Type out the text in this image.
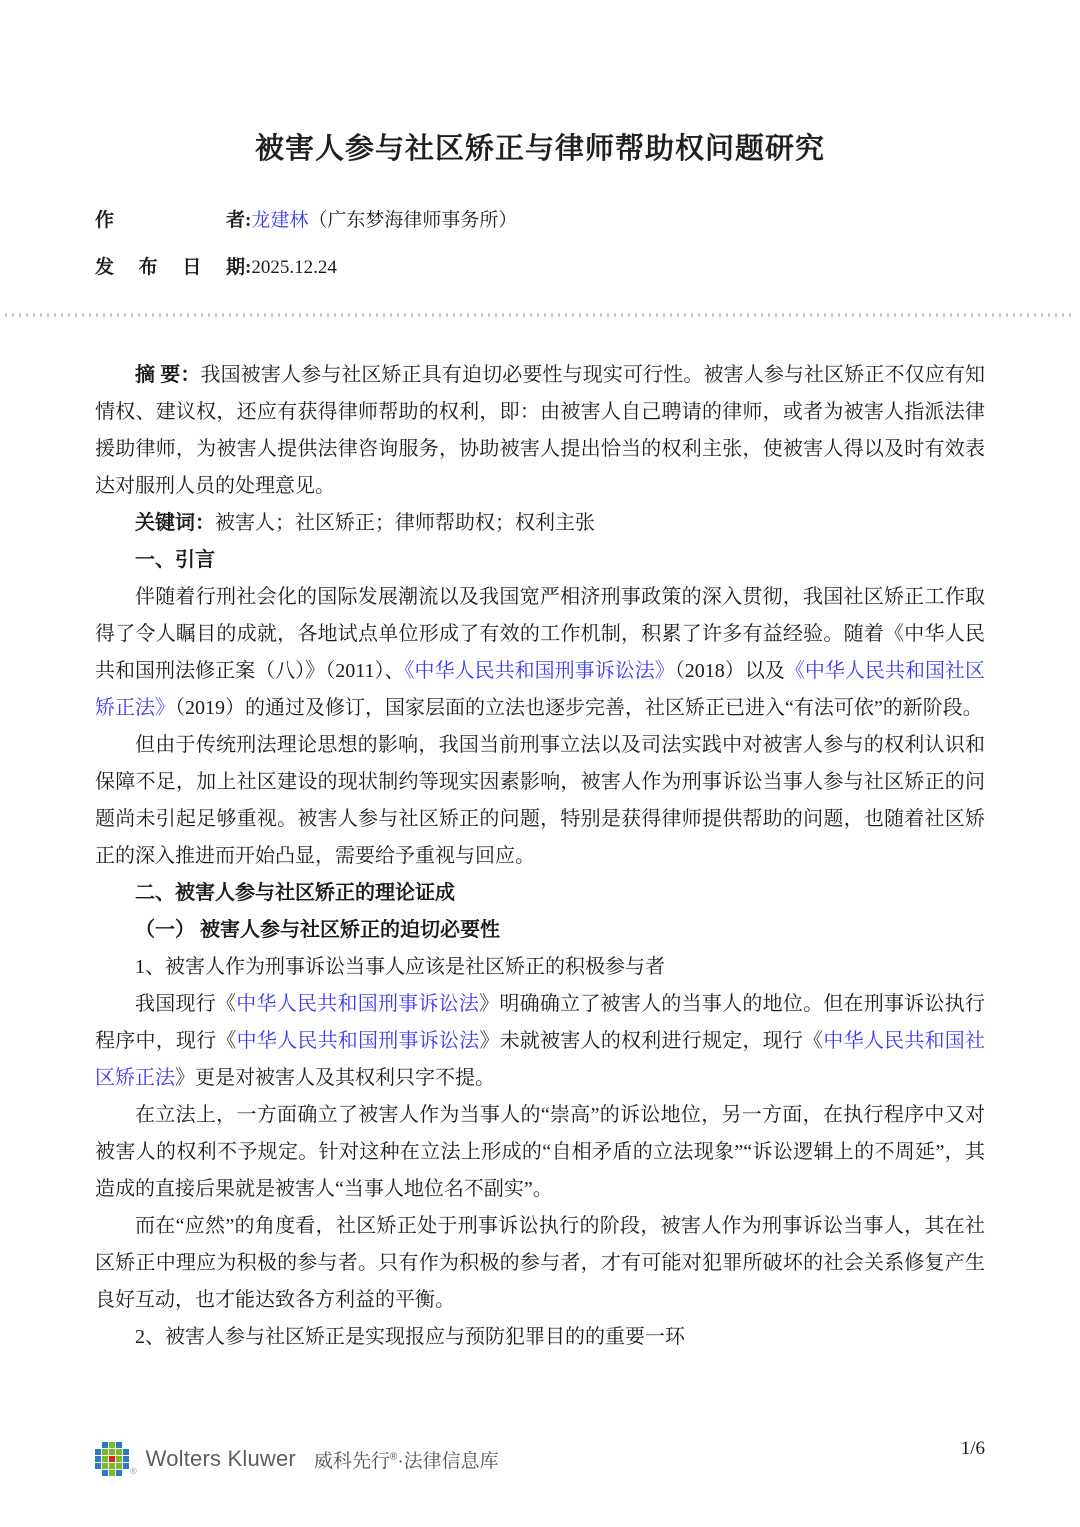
被害人参与社区矫正与律师帮助权问题研究
作者:龙建林（广东梦海律师事务所）
发布日期:2025.12.24
摘 要：我国被害人参与社区矫正具有迫切必要性与现实可行性。被害人参与社区矫正不仅应有知情权、建议权，还应有获得律师帮助的权利，即：由被害人自己聘请的律师，或者为被害人指派法律援助律师，为被害人提供法律咨询服务，协助被害人提出恰当的权利主张，使被害人得以及时有效表达对服刑人员的处理意见。
关键词：被害人；社区矫正；律师帮助权；权利主张
一、引言
伴随着行刑社会化的国际发展潮流以及我国宽严相济刑事政策的深入贯彻，我国社区矫正工作取得了令人瞩目的成就，各地试点单位形成了有效的工作机制，积累了许多有益经验。随着《中华人民共和国刑法修正案（八）》（2011）、《中华人民共和国刑事诉讼法》（2018）以及《中华人民共和国社区矫正法》（2019）的通过及修订，国家层面的立法也逐步完善，社区矫正已进入“有法可依”的新阶段。
但由于传统刑法理论思想的影响，我国当前刑事立法以及司法实践中对被害人参与的权利认识和保障不足，加上社区建设的现状制约等现实因素影响，被害人作为刑事诉讼当事人参与社区矫正的问题尚未引起足够重视。被害人参与社区矫正的问题，特别是获得律师提供帮助的问题，也随着社区矫正的深入推进而开始凸显，需要给予重视与回应。
二、被害人参与社区矫正的理论证成
（一） 被害人参与社区矫正的迫切必要性
1、被害人作为刑事诉讼当事人应该是社区矫正的积极参与者
我国现行《中华人民共和国刑事诉讼法》明确确立了被害人的当事人的地位。但在刑事诉讼执行程序中，现行《中华人民共和国刑事诉讼法》未就被害人的权利进行规定，现行《中华人民共和国社区矫正法》更是对被害人及其权利只字不提。
在立法上，一方面确立了被害人作为当事人的“崇高”的诉讼地位，另一方面，在执行程序中又对被害人的权利不予规定。针对这种在立法上形成的“自相矛盾的立法现象”“诉讼逻辑上的不周延”，其造成的直接后果就是被害人“当事人地位名不副实”。
而在“应然”的角度看，社区矫正处于刑事诉讼执行的阶段，被害人作为刑事诉讼当事人，其在社区矫正中理应为积极的参与者。只有作为积极的参与者，才有可能对犯罪所破坏的社会关系修复产生良好互动，也才能达致各方利益的平衡。
2、被害人参与社区矫正是实现报应与预防犯罪目的的重要一环
® Wolters Kluwer 威科先行®·法律信息库
1/6
